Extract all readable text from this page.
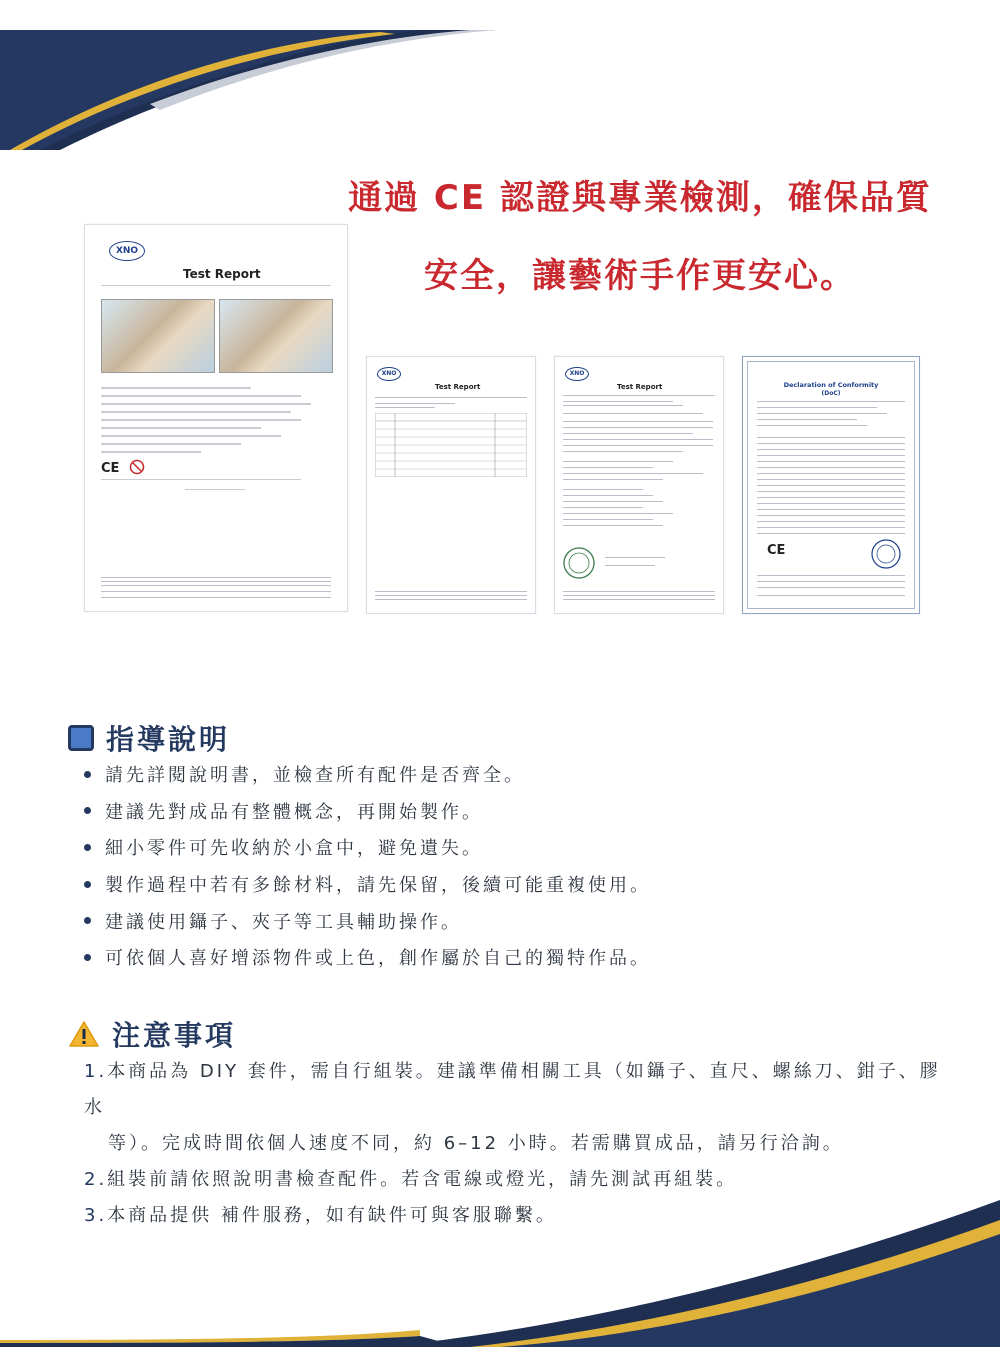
通過 CE 認證與專業檢測，確保品質
安全，讓藝術手作更安心。
XNO
Test Report
CE
XNO
Test Report
XNO
Test Report	Declaration of Conformity
(DoC)
CE
指導說明
請先詳閱說明書，並檢查所有配件是否齊全。
建議先對成品有整體概念，再開始製作。
細小零件可先收納於小盒中，避免遺失。
製作過程中若有多餘材料，請先保留，後續可能重複使用。
建議使用鑷子、夾子等工具輔助操作。
可依個人喜好增添物件或上色，創作屬於自己的獨特作品。
注意事項
1.本商品為 DIY 套件，需自行組裝。建議準備相關工具（如鑷子、直尺、螺絲刀、鉗子、膠水
等）。完成時間依個人速度不同，約 6–12 小時。若需購買成品，請另行洽詢。
2.組裝前請依照說明書檢查配件。若含電線或燈光，請先測試再組裝。
3.本商品提供 補件服務，如有缺件可與客服聯繫。
